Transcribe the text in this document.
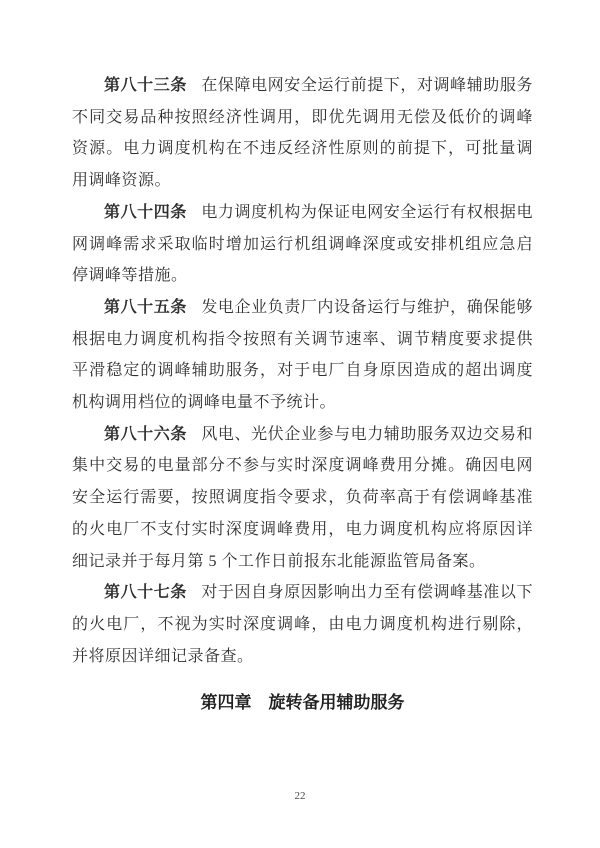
第八十三条 在保障电网安全运行前提下，对调峰辅助服务不同交易品种按照经济性调用，即优先调用无偿及低价的调峰资源。电力调度机构在不违反经济性原则的前提下，可批量调用调峰资源。

第八十四条 电力调度机构为保证电网安全运行有权根据电网调峰需求采取临时增加运行机组调峰深度或安排机组应急启停调峰等措施。

第八十五条 发电企业负责厂内设备运行与维护，确保能够根据电力调度机构指令按照有关调节速率、调节精度要求提供平滑稳定的调峰辅助服务，对于电厂自身原因造成的超出调度机构调用档位的调峰电量不予统计。

第八十六条 风电、光伏企业参与电力辅助服务双边交易和集中交易的电量部分不参与实时深度调峰费用分摊。确因电网安全运行需要，按照调度指令要求，负荷率高于有偿调峰基准的火电厂不支付实时深度调峰费用，电力调度机构应将原因详细记录并于每月第 5 个工作日前报东北能源监管局备案。

第八十七条 对于因自身原因影响出力至有偿调峰基准以下的火电厂，不视为实时深度调峰，由电力调度机构进行剔除，并将原因详细记录备查。

第四章 旋转备用辅助服务
22
